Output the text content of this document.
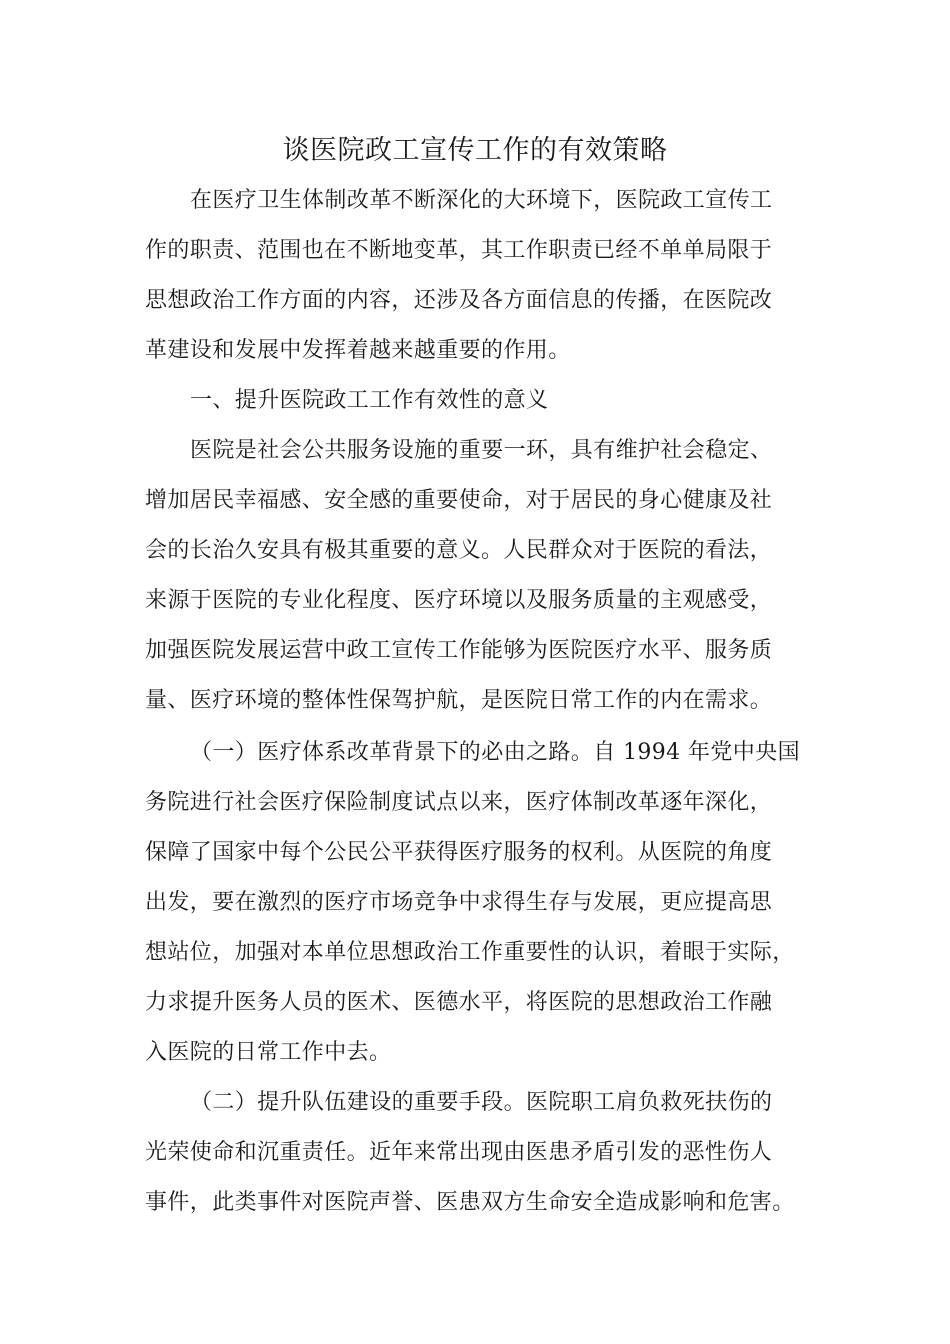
谈医院政工宣传工作的有效策略
在医疗卫生体制改革不断深化的大环境下，医院政工宣传工
作的职责、范围也在不断地变革，其工作职责已经不单单局限于
思想政治工作方面的内容，还涉及各方面信息的传播，在医院改
革建设和发展中发挥着越来越重要的作用。
一、提升医院政工工作有效性的意义
医院是社会公共服务设施的重要一环，具有维护社会稳定、
增加居民幸福感、安全感的重要使命，对于居民的身心健康及社
会的长治久安具有极其重要的意义。人民群众对于医院的看法，
来源于医院的专业化程度、医疗环境以及服务质量的主观感受，
加强医院发展运营中政工宣传工作能够为医院医疗水平、服务质
量、医疗环境的整体性保驾护航，是医院日常工作的内在需求。
（一）医疗体系改革背景下的必由之路。自 1994 年党中央国
务院进行社会医疗保险制度试点以来，医疗体制改革逐年深化，
保障了国家中每个公民公平获得医疗服务的权利。从医院的角度
出发，要在激烈的医疗市场竞争中求得生存与发展，更应提高思
想站位，加强对本单位思想政治工作重要性的认识，着眼于实际，
力求提升医务人员的医术、医德水平，将医院的思想政治工作融
入医院的日常工作中去。
（二）提升队伍建设的重要手段。医院职工肩负救死扶伤的
光荣使命和沉重责任。近年来常出现由医患矛盾引发的恶性伤人
事件，此类事件对医院声誉、医患双方生命安全造成影响和危害。
